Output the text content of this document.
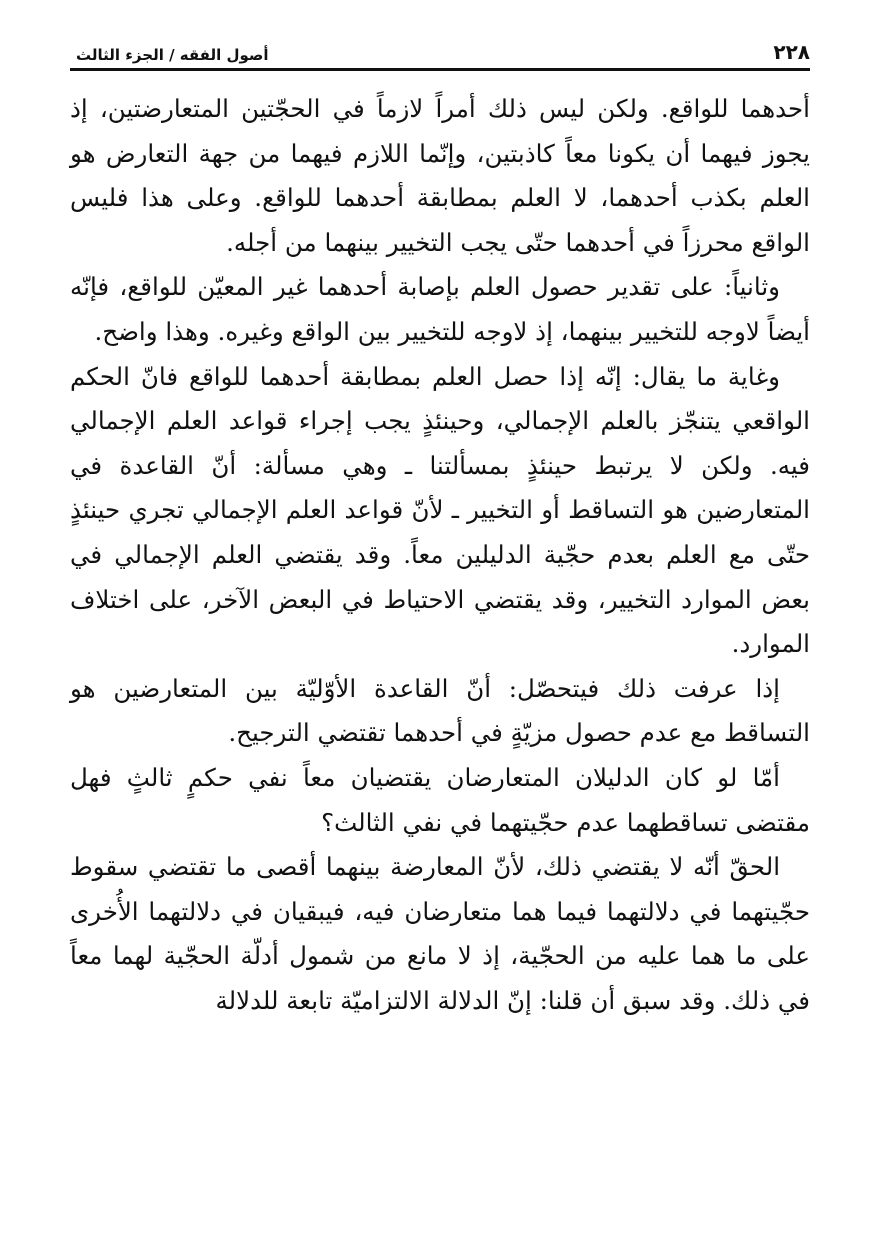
٢٢٨
أصول الفقه / الجزء الثالث

أحدهما للواقع. ولكن ليس ذلك أمراً لازماً في الحجّتين المتعارضتين، إذ يجوز فيهما أن يكونا معاً كاذبتين، وإنّما اللازم فيهما من جهة التعارض هو العلم بكذب أحدهما، لا العلم بمطابقة أحدهما للواقع. وعلى هذا فليس الواقع محرزاً في أحدهما حتّى يجب التخيير بينهما من أجله.

وثانياً: على تقدير حصول العلم بإصابة أحدهما غير المعيّن للواقع، فإنّه أيضاً لاوجه للتخيير بينهما، إذ لاوجه للتخيير بين الواقع وغيره. وهذا واضح.

وغاية ما يقال: إنّه إذا حصل العلم بمطابقة أحدهما للواقع فانّ الحكم الواقعي يتنجّز بالعلم الإجمالي، وحينئذٍ يجب إجراء قواعد العلم الإجمالي فيه. ولكن لا يرتبط حينئذٍ بمسألتنا ـ وهي مسألة: أنّ القاعدة في المتعارضين هو التساقط أو التخيير ـ لأنّ قواعد العلم الإجمالي تجري حينئذٍ حتّى مع العلم بعدم حجّية الدليلين معاً. وقد يقتضي العلم الإجمالي في بعض الموارد التخيير، وقد يقتضي الاحتياط في البعض الآخر، على اختلاف الموارد.

إذا عرفت ذلك فيتحصّل: أنّ القاعدة الأوّليّة بين المتعارضين هو التساقط مع عدم حصول مزيّةٍ في أحدهما تقتضي الترجيح.

أمّا لو كان الدليلان المتعارضان يقتضيان معاً نفي حكمٍ ثالثٍ فهل مقتضى تساقطهما عدم حجّيتهما في نفي الثالث؟

الحقّ أنّه لا يقتضي ذلك، لأنّ المعارضة بينهما أقصى ما تقتضي سقوط حجّيتهما في دلالتهما فيما هما متعارضان فيه، فيبقيان في دلالتهما الأُخرى على ما هما عليه من الحجّية، إذ لا مانع من شمول أدلّة الحجّية لهما معاً في ذلك. وقد سبق أن قلنا: إنّ الدلالة الالتزاميّة تابعة للدلالة
